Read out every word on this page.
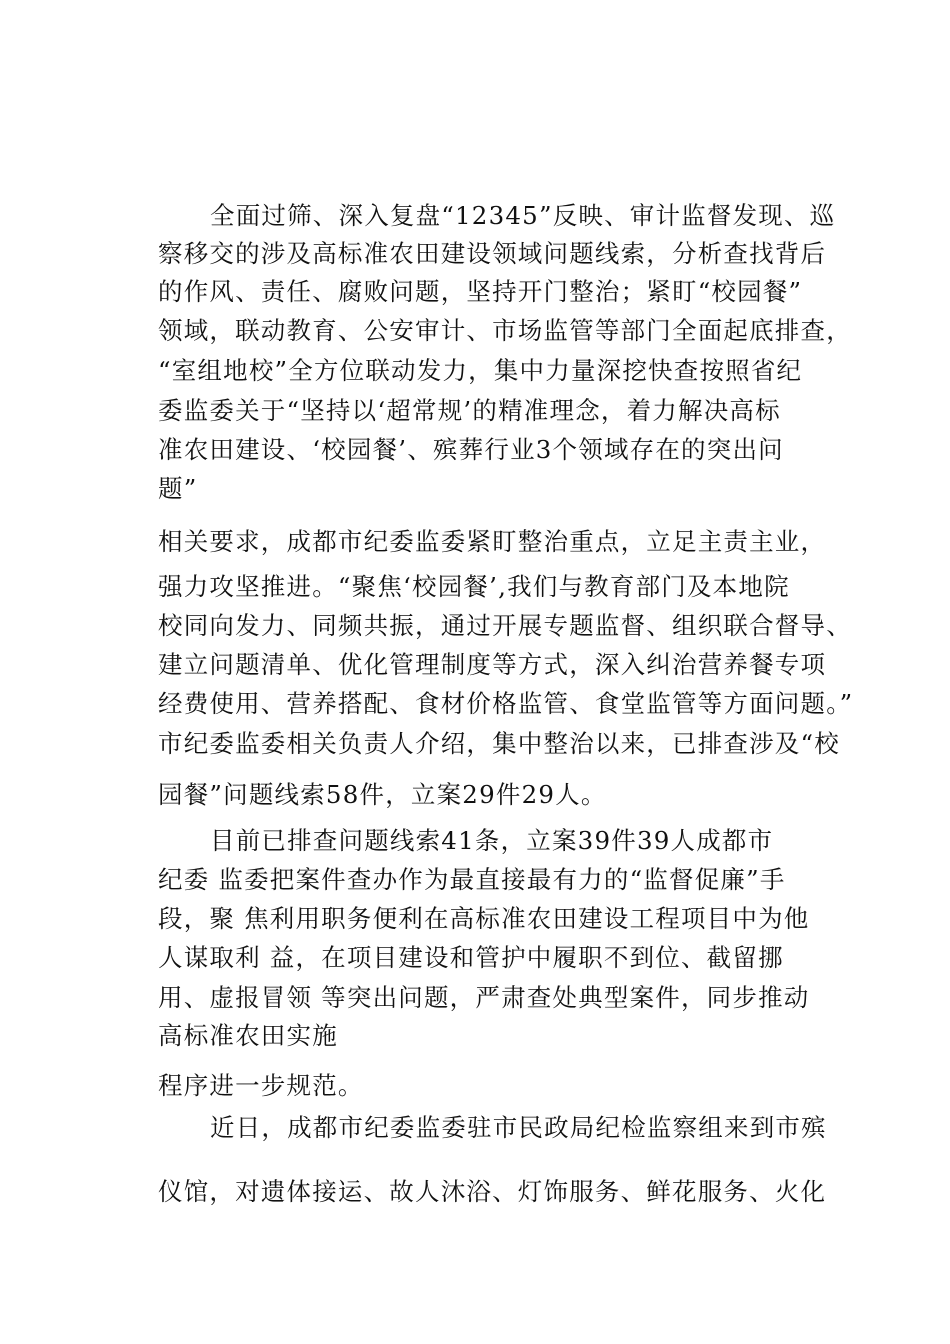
全面过筛、深入复盘“12345”反映、审计监督发现、巡
察移交的涉及高标准农田建设领域问题线索，分析查找背后
的作风、责任、腐败问题，坚持开门整治；紧盯“校园餐”
领域，联动教育、公安审计、市场监管等部门全面起底排查，
“室组地校”全方位联动发力，集中力量深挖快查按照省纪
委监委关于“坚持以‘超常规’的精准理念，着力解决高标
准农田建设、‘校园餐’、殡葬行业3个领域存在的突出问
题”
相关要求，成都市纪委监委紧盯整治重点，立足主责主业，
强力攻坚推进。“聚焦‘校园餐’,我们与教育部门及本地院
校同向发力、同频共振，通过开展专题监督、组织联合督导、
建立问题清单、优化管理制度等方式，深入纠治营养餐专项
经费使用、营养搭配、食材价格监管、食堂监管等方面问题。”
市纪委监委相关负责人介绍，集中整治以来，已排查涉及“校
园餐”问题线索58件，立案29件29人。
目前已排查问题线索41条，立案39件39人成都市
纪委 监委把案件查办作为最直接最有力的“监督促廉”手
段，聚 焦利用职务便利在高标准农田建设工程项目中为他
人谋取利 益，在项目建设和管护中履职不到位、截留挪
用、虚报冒领 等突出问题，严肃查处典型案件，同步推动
高标准农田实施
程序进一步规范。
近日，成都市纪委监委驻市民政局纪检监察组来到市殡
仪馆，对遗体接运、故人沐浴、灯饰服务、鲜花服务、火化
